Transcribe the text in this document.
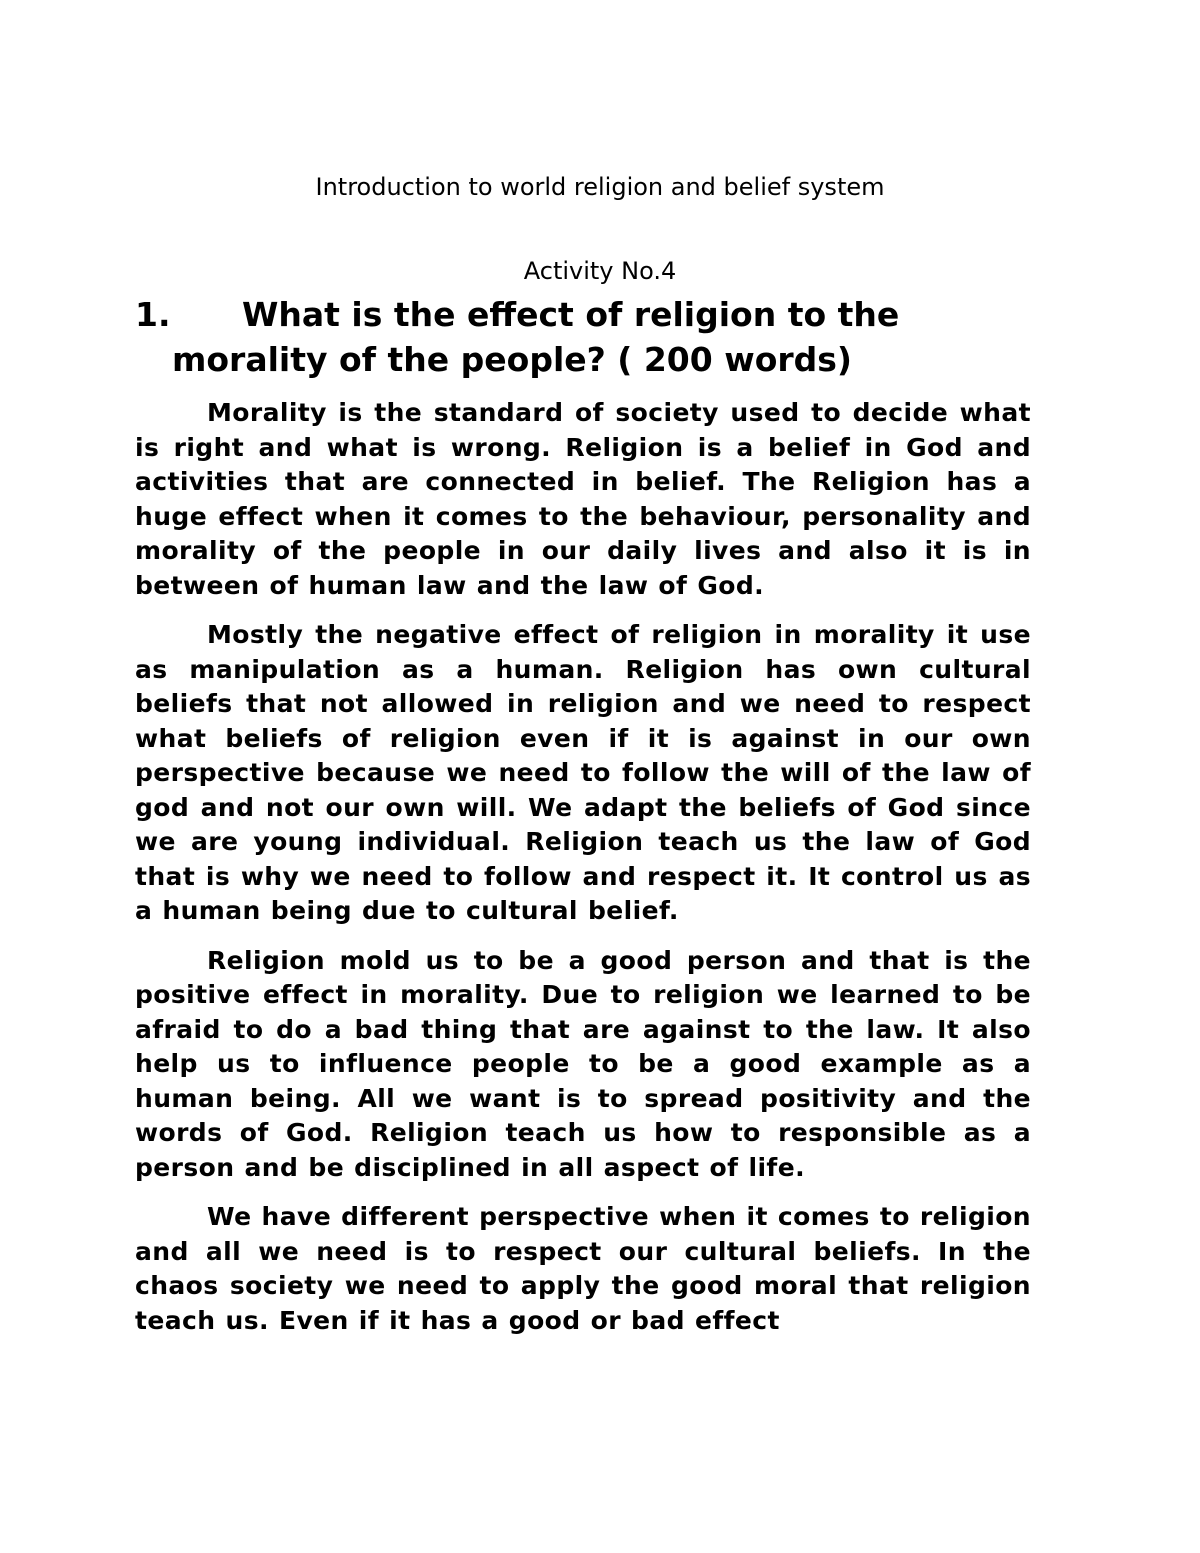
Introduction to world religion and belief system
Activity No.4
1. What is the effect of religion to the
morality of the people? ( 200 words)

Morality is the standard of society used to decide what is right and what is wrong. Religion is a belief in God and activities that are connected in belief. The Religion has a huge effect when it comes to the behaviour, personality and morality of the people in our daily lives and also it is in between of human law and the law of God.

Mostly the negative effect of religion in morality it use as manipulation as a human. Religion has own cultural beliefs that not allowed in religion and we need to respect what beliefs of religion even if it is against in our own perspective because we need to follow the will of the law of god and not our own will. We adapt the beliefs of God since we are young individual. Religion teach us the law of God that is why we need to follow and respect it. It control us as a human being due to cultural belief.

Religion mold us to be a good person and that is the positive effect in morality. Due to religion we learned to be afraid to do a bad thing that are against to the law. It also help us to influence people to be a good example as a human being. All we want is to spread positivity and the words of God. Religion teach us how to responsible as a person and be disciplined in all aspect of life.

We have different perspective when it comes to religion and all we need is to respect our cultural beliefs. In the chaos society we need to apply the good moral that religion teach us. Even if it has a good or bad effect
